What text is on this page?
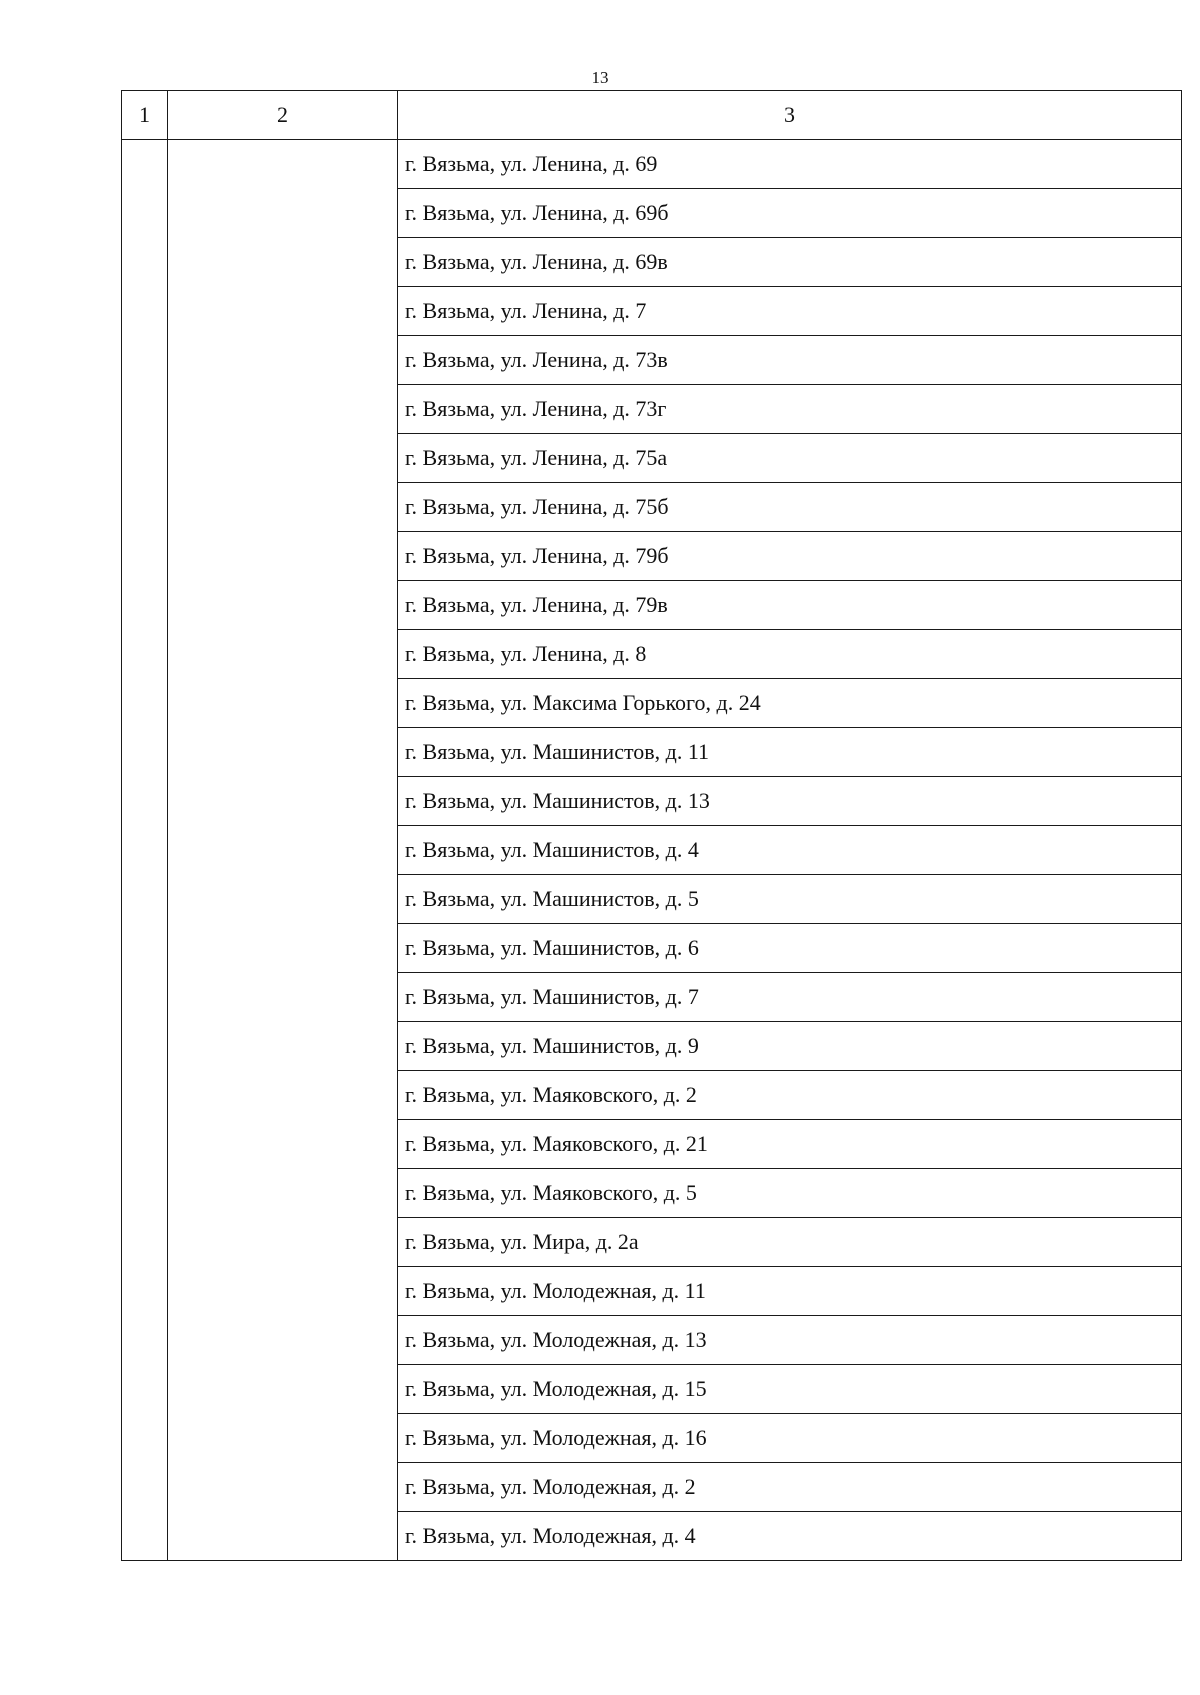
13
1	2	3
		г. Вязьма, ул. Ленина, д. 69
		г. Вязьма, ул. Ленина, д. 69б
		г. Вязьма, ул. Ленина, д. 69в
		г. Вязьма, ул. Ленина, д. 7
		г. Вязьма, ул. Ленина, д. 73в
		г. Вязьма, ул. Ленина, д. 73г
		г. Вязьма, ул. Ленина, д. 75а
		г. Вязьма, ул. Ленина, д. 75б
		г. Вязьма, ул. Ленина, д. 79б
		г. Вязьма, ул. Ленина, д. 79в
		г. Вязьма, ул. Ленина, д. 8
		г. Вязьма, ул. Максима Горького, д. 24
		г. Вязьма, ул. Машинистов, д. 11
		г. Вязьма, ул. Машинистов, д. 13
		г. Вязьма, ул. Машинистов, д. 4
		г. Вязьма, ул. Машинистов, д. 5
		г. Вязьма, ул. Машинистов, д. 6
		г. Вязьма, ул. Машинистов, д. 7
		г. Вязьма, ул. Машинистов, д. 9
		г. Вязьма, ул. Маяковского, д. 2
		г. Вязьма, ул. Маяковского, д. 21
		г. Вязьма, ул. Маяковского, д. 5
		г. Вязьма, ул. Мира, д. 2а
		г. Вязьма, ул. Молодежная, д. 11
		г. Вязьма, ул. Молодежная, д. 13
		г. Вязьма, ул. Молодежная, д. 15
		г. Вязьма, ул. Молодежная, д. 16
		г. Вязьма, ул. Молодежная, д. 2
		г. Вязьма, ул. Молодежная, д. 4
